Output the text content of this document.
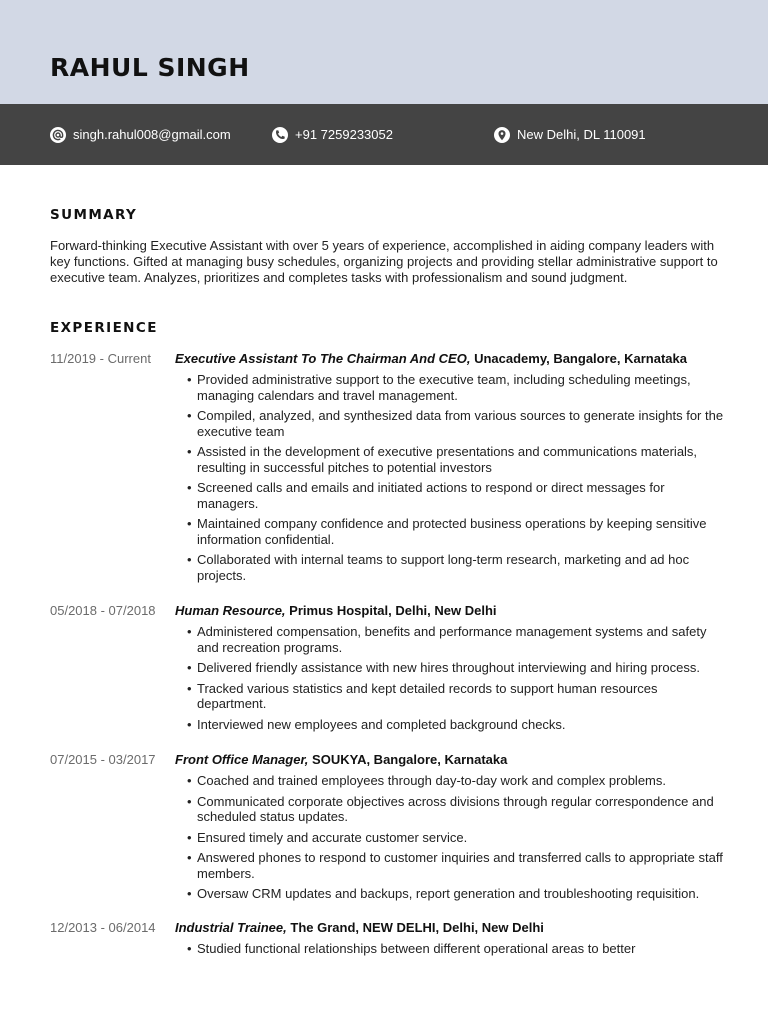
RAHUL SINGH
singh.rahul008@gmail.com	+91 7259233052	New Delhi, DL 110091
SUMMARY

Forward-thinking Executive Assistant with over 5 years of experience, accomplished in aiding company leaders with key functions. Gifted at managing busy schedules, organizing projects and providing stellar administrative support to executive team. Analyzes, prioritizes and completes tasks with professionalism and sound judgment.

EXPERIENCE
11/2019 - Current Executive Assistant To The Chairman And CEO, Unacademy, Bangalore, Karnataka
• Provided administrative support to the executive team, including scheduling meetings, managing calendars and travel management.
• Compiled, analyzed, and synthesized data from various sources to generate insights for the executive team
• Assisted in the development of executive presentations and communications materials, resulting in successful pitches to potential investors
• Screened calls and emails and initiated actions to respond or direct messages for managers.
• Maintained company confidence and protected business operations by keeping sensitive information confidential.
• Collaborated with internal teams to support long-term research, marketing and ad hoc projects.
05/2018 - 07/2018 Human Resource, Primus Hospital, Delhi, New Delhi
• Administered compensation, benefits and performance management systems and safety and recreation programs.
• Delivered friendly assistance with new hires throughout interviewing and hiring process.
• Tracked various statistics and kept detailed records to support human resources department.
• Interviewed new employees and completed background checks.
07/2015 - 03/2017 Front Office Manager, SOUKYA, Bangalore, Karnataka
• Coached and trained employees through day-to-day work and complex problems.
• Communicated corporate objectives across divisions through regular correspondence and scheduled status updates.
• Ensured timely and accurate customer service.
• Answered phones to respond to customer inquiries and transferred calls to appropriate staff members.
• Oversaw CRM updates and backups, report generation and troubleshooting requisition.
12/2013 - 06/2014 Industrial Trainee, The Grand, NEW DELHI, Delhi, New Delhi
• Studied functional relationships between different operational areas to better
